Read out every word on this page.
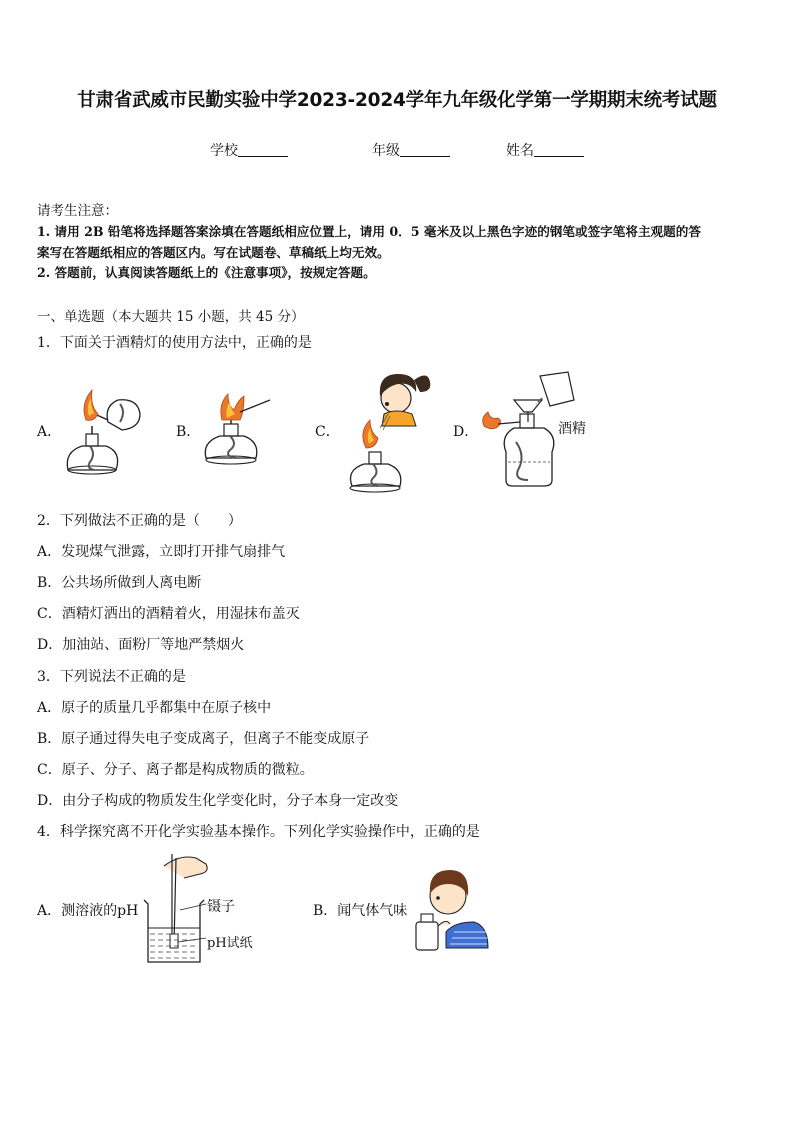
甘肃省武威市民勤实验中学2023-2024学年九年级化学第一学期期末统考试题
学校	年级	姓名
请考生注意：
1. 请用 2B 铅笔将选择题答案涂填在答题纸相应位置上，请用 0．5 毫米及以上黑色字迹的钢笔或签字笔将主观题的答
案写在答题纸相应的答题区内。写在试题卷、草稿纸上均无效。
2. 答题前，认真阅读答题纸上的《注意事项》，按规定答题。
一、单选题（本大题共 15 小题，共 45 分）
1．下面关于酒精灯的使用方法中，正确的是
A．	B．	C．	D．	酒精
2．下列做法不正确的是（　　）
A．发现煤气泄露，立即打开排气扇排气
B．公共场所做到人离电断
C．酒精灯洒出的酒精着火，用湿抹布盖灭
D．加油站、面粉厂等地严禁烟火
3．下列说法不正确的是
A．原子的质量几乎都集中在原子核中
B．原子通过得失电子变成离子，但离子不能变成原子
C．原子、分子、离子都是构成物质的微粒。
D．由分子构成的物质发生化学变化时，分子本身一定改变
4．科学探究离不开化学实验基本操作。下列化学实验操作中，正确的是
A．测溶液的pH	B．闻气体气味
镊子
pH试纸
